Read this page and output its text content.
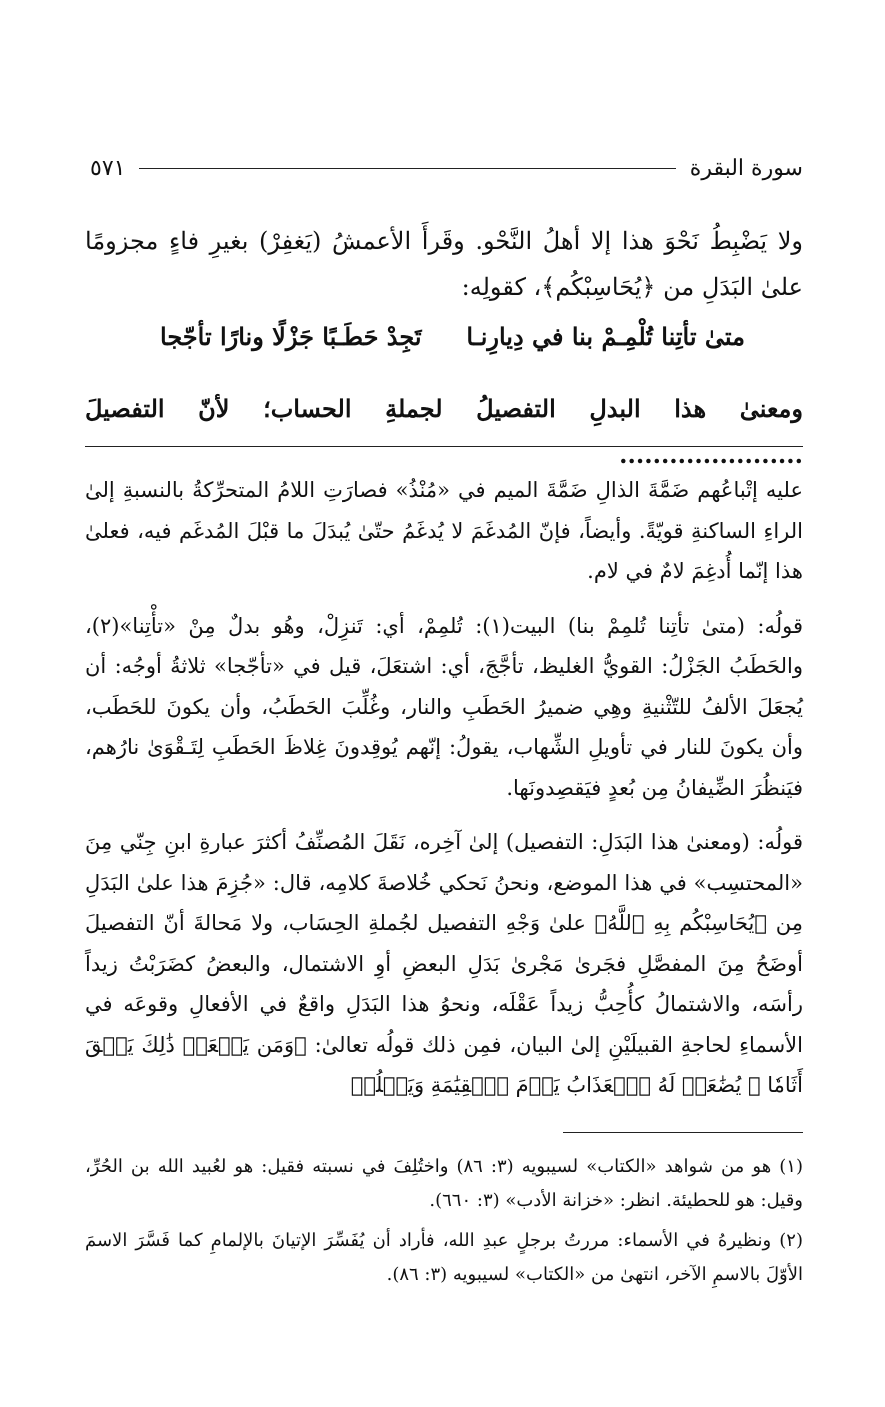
سورة البقرة
٥٧١

ولا يَضْبِطُ نَحْوَ هذا إلا أهلُ النَّحْو. وقَرأَ الأعمشُ (يَغفِرْ) بغيرِ فاءٍ مجزومًا علىٰ البَدَلِ من ﴿يُحَاسِبْكُم﴾، كقولِه:

متىٰ تأتِنا تُلْمِـمْ بنا في دِيارِنـا
تَجِدْ حَطَـبًا جَزْلًا ونارًا تأجّجا

ومعنىٰ هذا البدلِ التفصيلُ لجملةِ الحساب؛ لأنّ التفصيلَ ......................

عليه إتْباعُهم ضَمَّةَ الذالِ ضَمَّةَ الميم في «مُنْذُ» فصارَتِ اللامُ المتحرِّكةُ بالنسبةِ إلىٰ الراءِ الساكنةِ قويّةً. وأيضاً، فإنّ المُدغَمَ لا يُدغَمُ حتّىٰ يُبدَلَ ما قبْلَ المُدغَم فيه، فعلىٰ هذا إنّما أُدغِمَ لامٌ في لام.

قولُه: (متىٰ تأتِنا تُلمِمْ بنا) البيت(١): تُلمِمْ، أي: تَنزِلْ، وهُو بدلٌ مِنْ «تأْتِنا»(٢)، والحَطَبُ الجَزْلُ: القويُّ الغليظ، تأجَّجَ، أي: اشتعَلَ، قيل في «تأجّجا» ثلاثةُ أوجُه: أن يُجعَلَ الألفُ للتّثْنيةِ وهِي ضميرُ الحَطَبِ والنار، وغُلِّبَ الحَطَبُ، وأن يكونَ للحَطَب، وأن يكونَ للنار في تأويلِ الشِّهاب، يقولُ: إنّهم يُوقِدونَ غِلاظَ الحَطَبِ لِتَـقْوَىٰ نارُهم، فيَنظُرَ الضِّيفانُ مِن بُعدٍ فيَقصِدونَها.

قولُه: (ومعنىٰ هذا البَدَلِ: التفصيل) إلىٰ آخِره، نَقَلَ المُصنِّفُ أكثرَ عبارةِ ابنِ جِنّي مِنَ «المحتسِب» في هذا الموضع، ونحنُ نَحكي خُلاصةَ كلامِه، قال: «جُزِمَ هذا علىٰ البَدَلِ مِن ﴿يُحَاسِبْكُم بِهِ ٱللَّهُ﴾ علىٰ وَجْهِ التفصيل لجُملةِ الحِسَاب، ولا مَحالةَ أنّ التفصيلَ أوضَحُ مِنَ المفصَّلِ فجَرىٰ مَجْرىٰ بَدَلِ البعضِ أوِ الاشتمال، والبعضُ كضَرَبْتُ زيداً رأسَه، والاشتمالُ كأُحِبُّ زيداً عَقْلَه، ونحوُ هذا البَدَلِ واقعٌ في الأفعالِ وقوعَه في الأسماءِ لحاجةِ القبيلَيْنِ إلىٰ البيان، فمِن ذلك قولُه تعالىٰ: ﴿وَمَن يَفۡعَلۡ ذَٰلِكَ يَلۡقَ أَثَامٗا ۞ يُضَٰعَفۡ لَهُ ٱلۡعَذَابُ يَوۡمَ ٱلۡقِيَٰمَةِ وَيَخۡلُدۡ

(١) هو من شواهد «الكتاب» لسيبويه (٣: ٨٦) واختُلِفَ في نسبته فقيل: هو لعُبيد الله بن الحُرِّ، وقيل: هو للحطيئة. انظر: «خزانة الأدب» (٣: ٦٦٠).

(٢) ونظيرهُ في الأسماء: مررتُ برجلٍ عبدِ الله، فأراد أن يُفَسِّرَ الإتيانَ بالإلمامِ كما فَسَّرَ الاسمَ الأوّلَ بالاسمِ الآخر، انتهىٰ من «الكتاب» لسيبويه (٣: ٨٦).
